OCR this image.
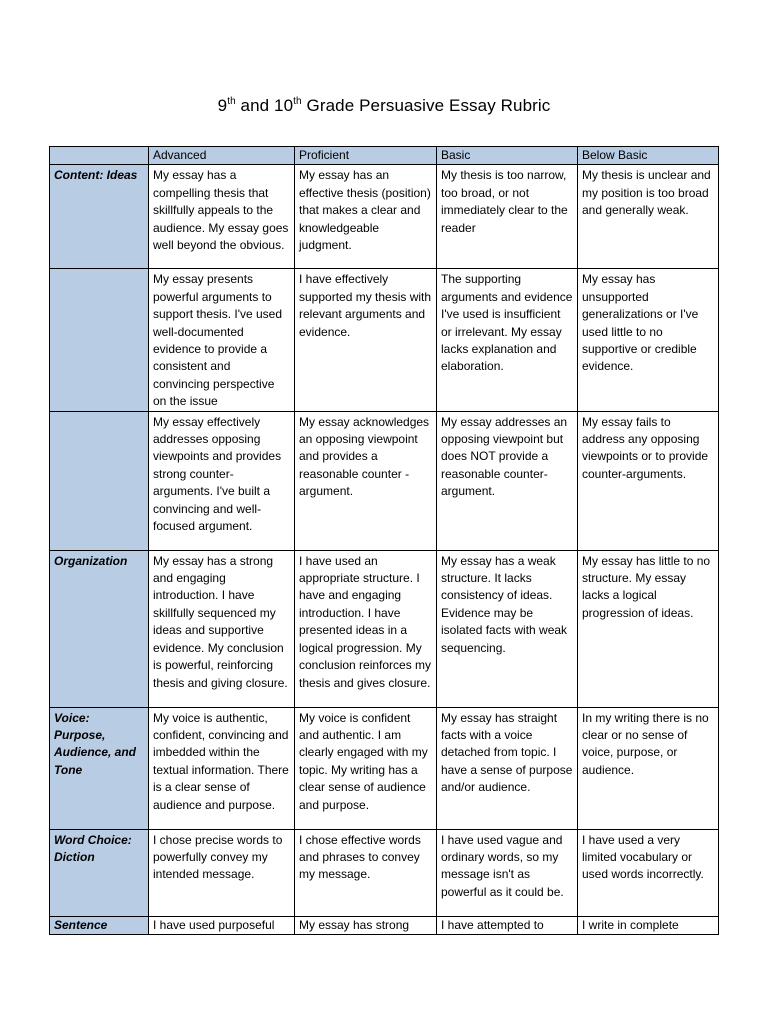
9th and 10th Grade Persuasive Essay Rubric
	Advanced	Proficient	Basic	Below Basic
Content: Ideas	My essay has a compelling thesis that skillfully appeals to the audience. My essay goes well beyond the obvious.	My essay has an effective thesis (position) that makes a clear and knowledgeable judgment.	My thesis is too narrow, too broad, or not immediately clear to the reader	My thesis is unclear and my position is too broad and generally weak.
	My essay presents powerful arguments to support thesis. I've used well-documented evidence to provide a consistent and convincing perspective on the issue	I have effectively supported my thesis with relevant arguments and evidence.	The supporting arguments and evidence I've used is insufficient or irrelevant. My essay lacks explanation and elaboration.	My essay has unsupported generalizations or I've used little to no supportive or credible evidence.
	My essay effectively addresses opposing viewpoints and provides strong counter-arguments. I've built a convincing and well-focused argument.	My essay acknowledges an opposing viewpoint and provides a reasonable counter -argument.	My essay addresses an opposing viewpoint but does NOT provide a reasonable counter-argument.	My essay fails to address any opposing viewpoints or to provide counter-arguments.
Organization	My essay has a strong and engaging introduction. I have skillfully sequenced my ideas and supportive evidence. My conclusion is powerful, reinforcing thesis and giving closure.	I have used an appropriate structure. I have and engaging introduction. I have presented ideas in a logical progression. My conclusion reinforces my thesis and gives closure.	My essay has a weak structure. It lacks consistency of ideas. Evidence may be isolated facts with weak sequencing.	My essay has little to no structure. My essay lacks a logical progression of ideas.
Voice: Purpose, Audience, and Tone	My voice is authentic, confident, convincing and imbedded within the textual information. There is a clear sense of audience and purpose.	My voice is confident and authentic. I am clearly engaged with my topic. My writing has a clear sense of audience and purpose.	My essay has straight facts with a voice detached from topic. I have a sense of purpose and/or audience.	In my writing there is no clear or no sense of voice, purpose, or audience.
Word Choice: Diction	I chose precise words to powerfully convey my intended message.	I chose effective words and phrases to convey my message.	I have used vague and ordinary words, so my message isn't as powerful as it could be.	I have used a very limited vocabulary or used words incorrectly.
Sentence	I have used purposeful	My essay has strong	I have attempted to	I write in complete
